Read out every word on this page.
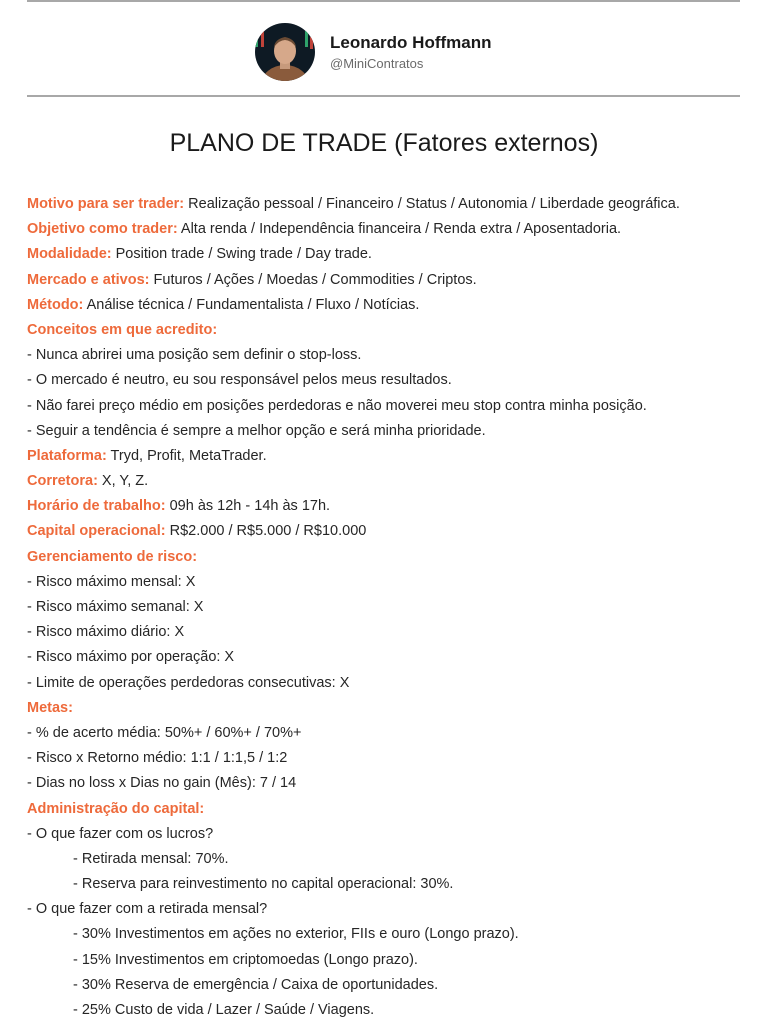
Leonardo Hoffmann
@MiniContratos
PLANO DE TRADE (Fatores externos)
Motivo para ser trader: Realização pessoal / Financeiro / Status / Autonomia / Liberdade geográfica.
Objetivo como trader: Alta renda / Independência financeira / Renda extra / Aposentadoria.
Modalidade: Position trade / Swing trade / Day trade.
Mercado e ativos: Futuros / Ações / Moedas / Commodities / Criptos.
Método: Análise técnica / Fundamentalista / Fluxo / Notícias.
Conceitos em que acredito:
- Nunca abrirei uma posição sem definir o stop-loss.
- O mercado é neutro, eu sou responsável pelos meus resultados.
- Não farei preço médio em posições perdedoras e não moverei meu stop contra minha posição.
- Seguir a tendência é sempre a melhor opção e será minha prioridade.
Plataforma: Tryd, Profit, MetaTrader.
Corretora: X, Y, Z.
Horário de trabalho: 09h às 12h - 14h às 17h.
Capital operacional: R$2.000 / R$5.000 / R$10.000
Gerenciamento de risco:
- Risco máximo mensal: X
- Risco máximo semanal: X
- Risco máximo diário: X
- Risco máximo por operação: X
- Limite de operações perdedoras consecutivas: X
Metas:
- % de acerto média: 50%+ / 60%+ / 70%+
- Risco x Retorno médio: 1:1 / 1:1,5 / 1:2
- Dias no loss x Dias no gain (Mês): 7 / 14
Administração do capital:
- O que fazer com os lucros?
- Retirada mensal: 70%.
- Reserva para reinvestimento no capital operacional: 30%.
- O que fazer com a retirada mensal?
- 30% Investimentos em ações no exterior, FIIs e ouro (Longo prazo).
- 15% Investimentos em criptomoedas (Longo prazo).
- 30% Reserva de emergência / Caixa de oportunidades.
- 25% Custo de vida / Lazer / Saúde / Viagens.
